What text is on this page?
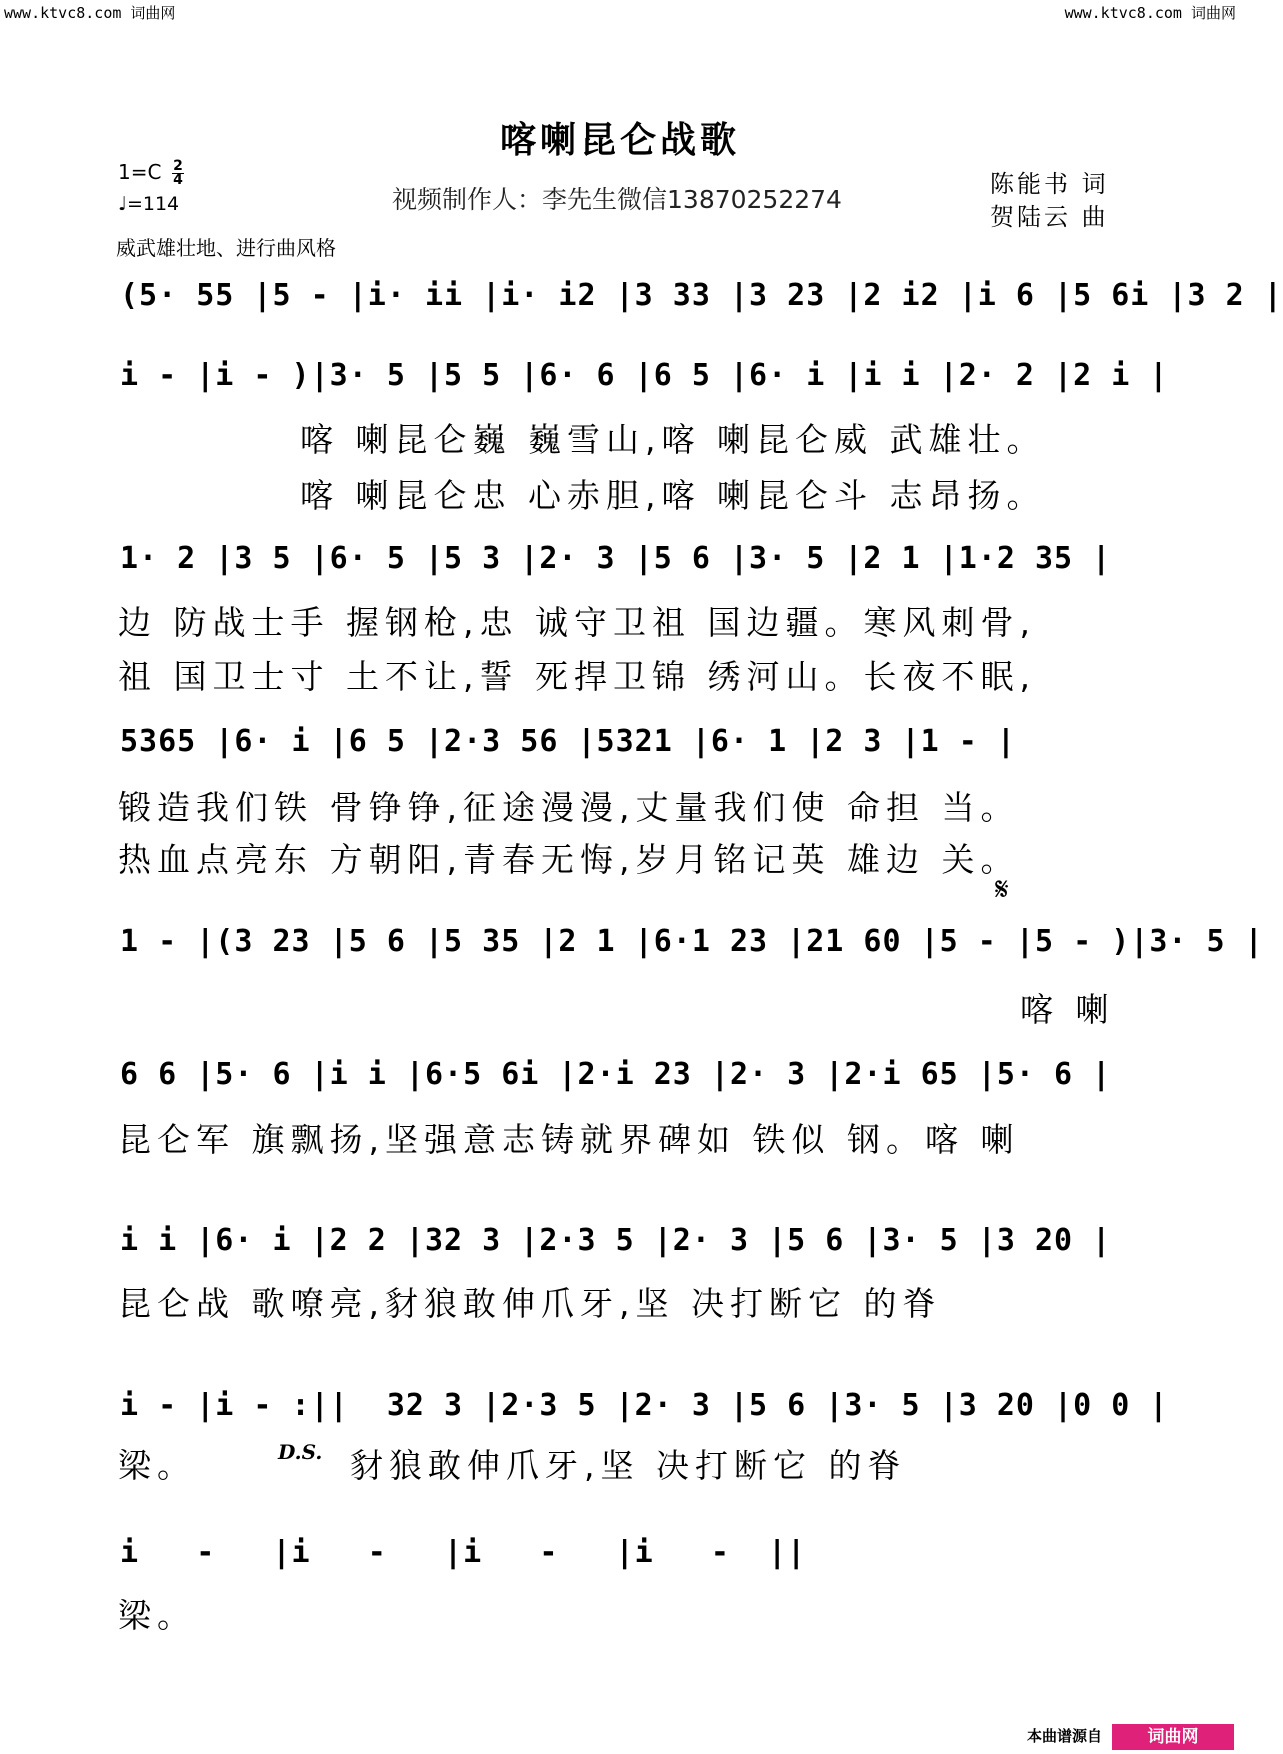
www.ktvc8.com 词曲网	www.ktvc8.com 词曲网
喀喇昆仑战歌
1=C 2
4
♩=114	视频制作人：李先生微信13870252274
陈能书 词
贺陆云 曲
威武雄壮地、进行曲风格
(5· 55 |5 - |i· ii |i· i2 |3 33 |3 23 |2 i2 |i 6 |5 6i |3 2 |
i - |i - )|3· 5 |5 5 |6· 6 |6 5 |6· i |i i |2· 2 |2 i |
喀 喇昆仑巍 巍雪山,喀 喇昆仑威 武雄壮。
喀 喇昆仑忠 心赤胆,喀 喇昆仑斗 志昂扬。
1· 2 |3 5 |6· 5 |5 3 |2· 3 |5 6 |3· 5 |2 1 |1·2 35 |
边 防战士手 握钢枪,忠 诚守卫祖 国边疆。寒风刺骨,
祖 国卫士寸 土不让,誓 死捍卫锦 绣河山。长夜不眠,
5365 |6· i |6 5 |2·3 56 |5321 |6· 1 |2 3 |1 - |
锻造我们铁 骨铮铮,征途漫漫,丈量我们使 命担 当。
热血点亮东 方朝阳,青春无悔,岁月铭记英 雄边 关。
𝄋
1 - |(3 23 |5 6 |5 35 |2 1 |6·1 23 |21 60 |5 - |5 - )|3· 5 |
喀 喇
6 6 |5· 6 |i i |6·5 6i |2·i 23 |2· 3 |2·i 65 |5· 6 |
昆仑军 旗飘扬,坚强意志铸就界碑如 铁似 钢。喀 喇
i i |6· i |2 2 |32 3 |2·3 5 |2· 3 |5 6 |3· 5 |3 20 |
昆仑战 歌嘹亮,豺狼敢伸爪牙,坚 决打断它 的脊
i - |i - :||  32 3 |2·3 5 |2· 3 |5 6 |3· 5 |3 20 |0 0 |
梁。	D.S. 豺狼敢伸爪牙,坚 决打断它 的脊
i   -   |i   -   |i   -   |i   -  ||
梁。
本曲谱源自	词曲网
